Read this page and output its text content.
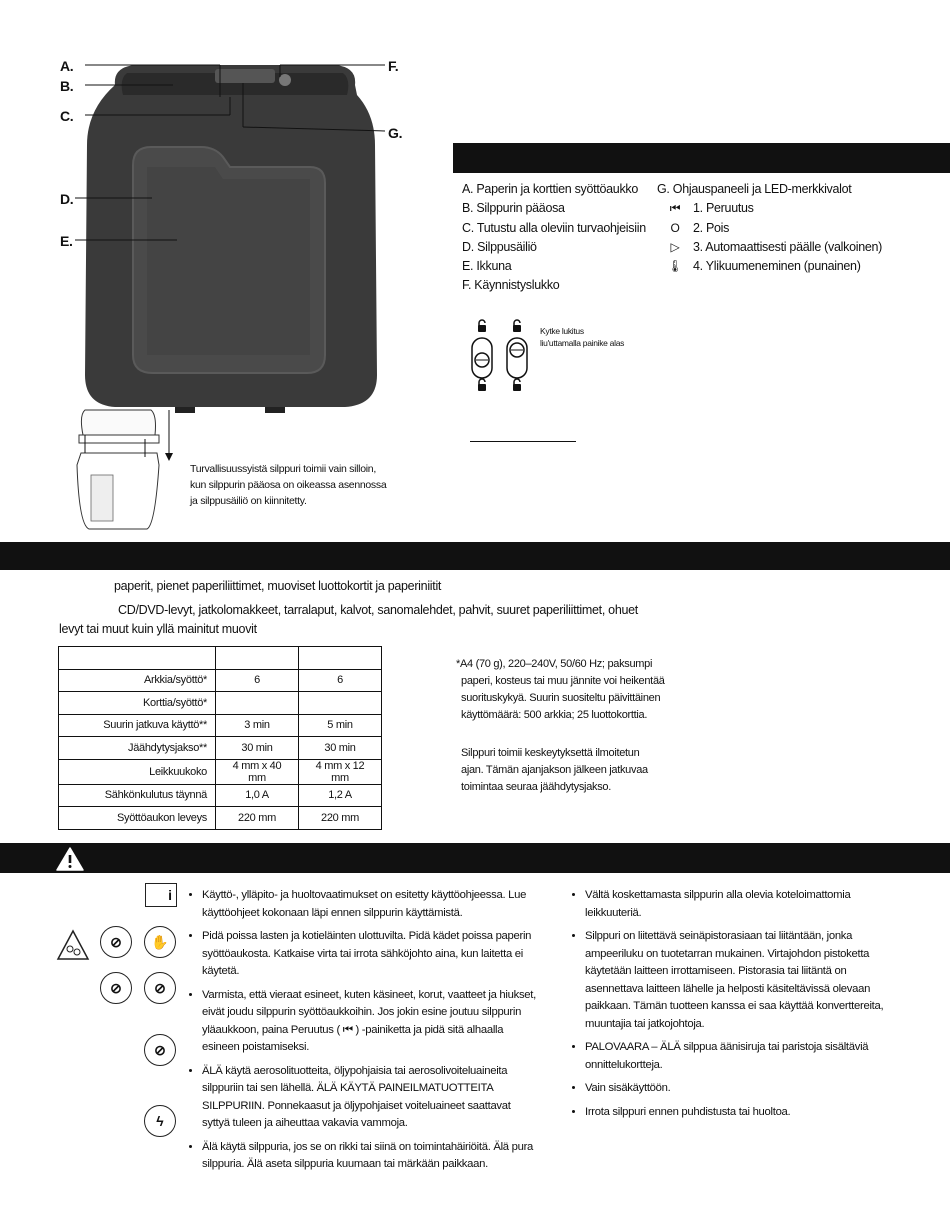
A.
B.
C.
D.
E.
F.
G.
Turvallisuussyistä silppuri toimii vain silloin,
kun silppurin pääosa on oikeassa asennossa
ja silppusäiliö on kiinnitetty.
A. Paperin ja korttien syöttöaukko
B. Silppurin pääosa
C. Tutustu alla oleviin turvaohjeisiin
D. Silppusäiliö
E. Ikkuna
F. Käynnistyslukko
G. Ohjauspaneeli ja LED-merkkivalot
⏮	1. Peruutus
O	2. Pois
▷	3. Automaattisesti päälle (valkoinen)
🌡 4. Ylikuumeneminen (punainen)
Kytke lukitus
liu'uttamalla painike alas
paperit, pienet paperiliittimet, muoviset luottokortit ja paperiniitit
CD/DVD-levyt, jatkolomakkeet, tarralaput, kalvot, sanomalehdet, pahvit, suuret paperiliittimet, ohuet
levyt tai muut kuin yllä mainitut muovit

Arkkia/syöttö*	6	6
Korttia/syöttö*		
Suurin jatkuva käyttö**	3 min	5 min
Jäähdytysjakso**	30 min	30 min
Leikkuukoko	4 mm x 40 mm	4 mm x 12 mm
Sähkönkulutus täynnä	1,0 A	1,2 A
Syöttöaukon leveys	220 mm	220 mm
*A4 (70 g), 220–240V, 50/60 Hz; paksumpi
paperi, kosteus tai muu jännite voi heikentää
suorituskykyä. Suurin suositeltu päivittäinen
käyttömäärä: 500 arkkia; 25 luottokorttia.
Silppuri toimii keskeytyksettä ilmoitetun
ajan. Tämän ajanjakson jälkeen jatkuvaa
toimintaa seuraa jäähdytysjakso.
i
⊘	✋
⊘	⊘
⊘
ϟ
• Käyttö-, ylläpito- ja huoltovaatimukset on esitetty käyttöohjeessa. Lue käyttöohjeet kokonaan läpi ennen silppurin käyttämistä.
• Pidä poissa lasten ja kotieläinten ulottuvilta. Pidä kädet poissa paperin syöttöaukosta. Katkaise virta tai irrota sähköjohto aina, kun laitetta ei käytetä.
• Varmista, että vieraat esineet, kuten käsineet, korut, vaatteet ja hiukset, eivät joudu silppurin syöttöaukkoihin. Jos jokin esine joutuu silppurin yläaukkoon, paina Peruutus ( ⏮ ) -painiketta ja pidä sitä alhaalla esineen poistamiseksi.
• ÄLÄ käytä aerosolituotteita, öljypohjaisia tai aerosolivoiteluaineita silppuriin tai sen lähellä. ÄLÄ KÄYTÄ PAINEILMATUOTTEITA SILPPURIIN. Ponnekaasut ja öljypohjaiset voiteluaineet saattavat syttyä tuleen ja aiheuttaa vakavia vammoja.
• Älä käytä silppuria, jos se on rikki tai siinä on toimintahäiriöitä. Älä pura silppuria. Älä aseta silppuria kuumaan tai märkään paikkaan.
• Vältä koskettamasta silppurin alla olevia koteloimattomia leikkuuteriä.
• Silppuri on liitettävä seinäpistorasiaan tai liitäntään, jonka ampeeriluku on tuotetarran mukainen. Virtajohdon pistoketta käytetään laitteen irrottamiseen. Pistorasia tai liitäntä on asennettava laitteen lähelle ja helposti käsiteltävissä olevaan paikkaan. Tämän tuotteen kanssa ei saa käyttää konverttereita, muuntajia tai jatkojohtoja.
• PALOVAARA – ÄLÄ silppua äänisiruja tai paristoja sisältäviä onnittelukortteja.
• Vain sisäkäyttöön.
• Irrota silppuri ennen puhdistusta tai huoltoa.
